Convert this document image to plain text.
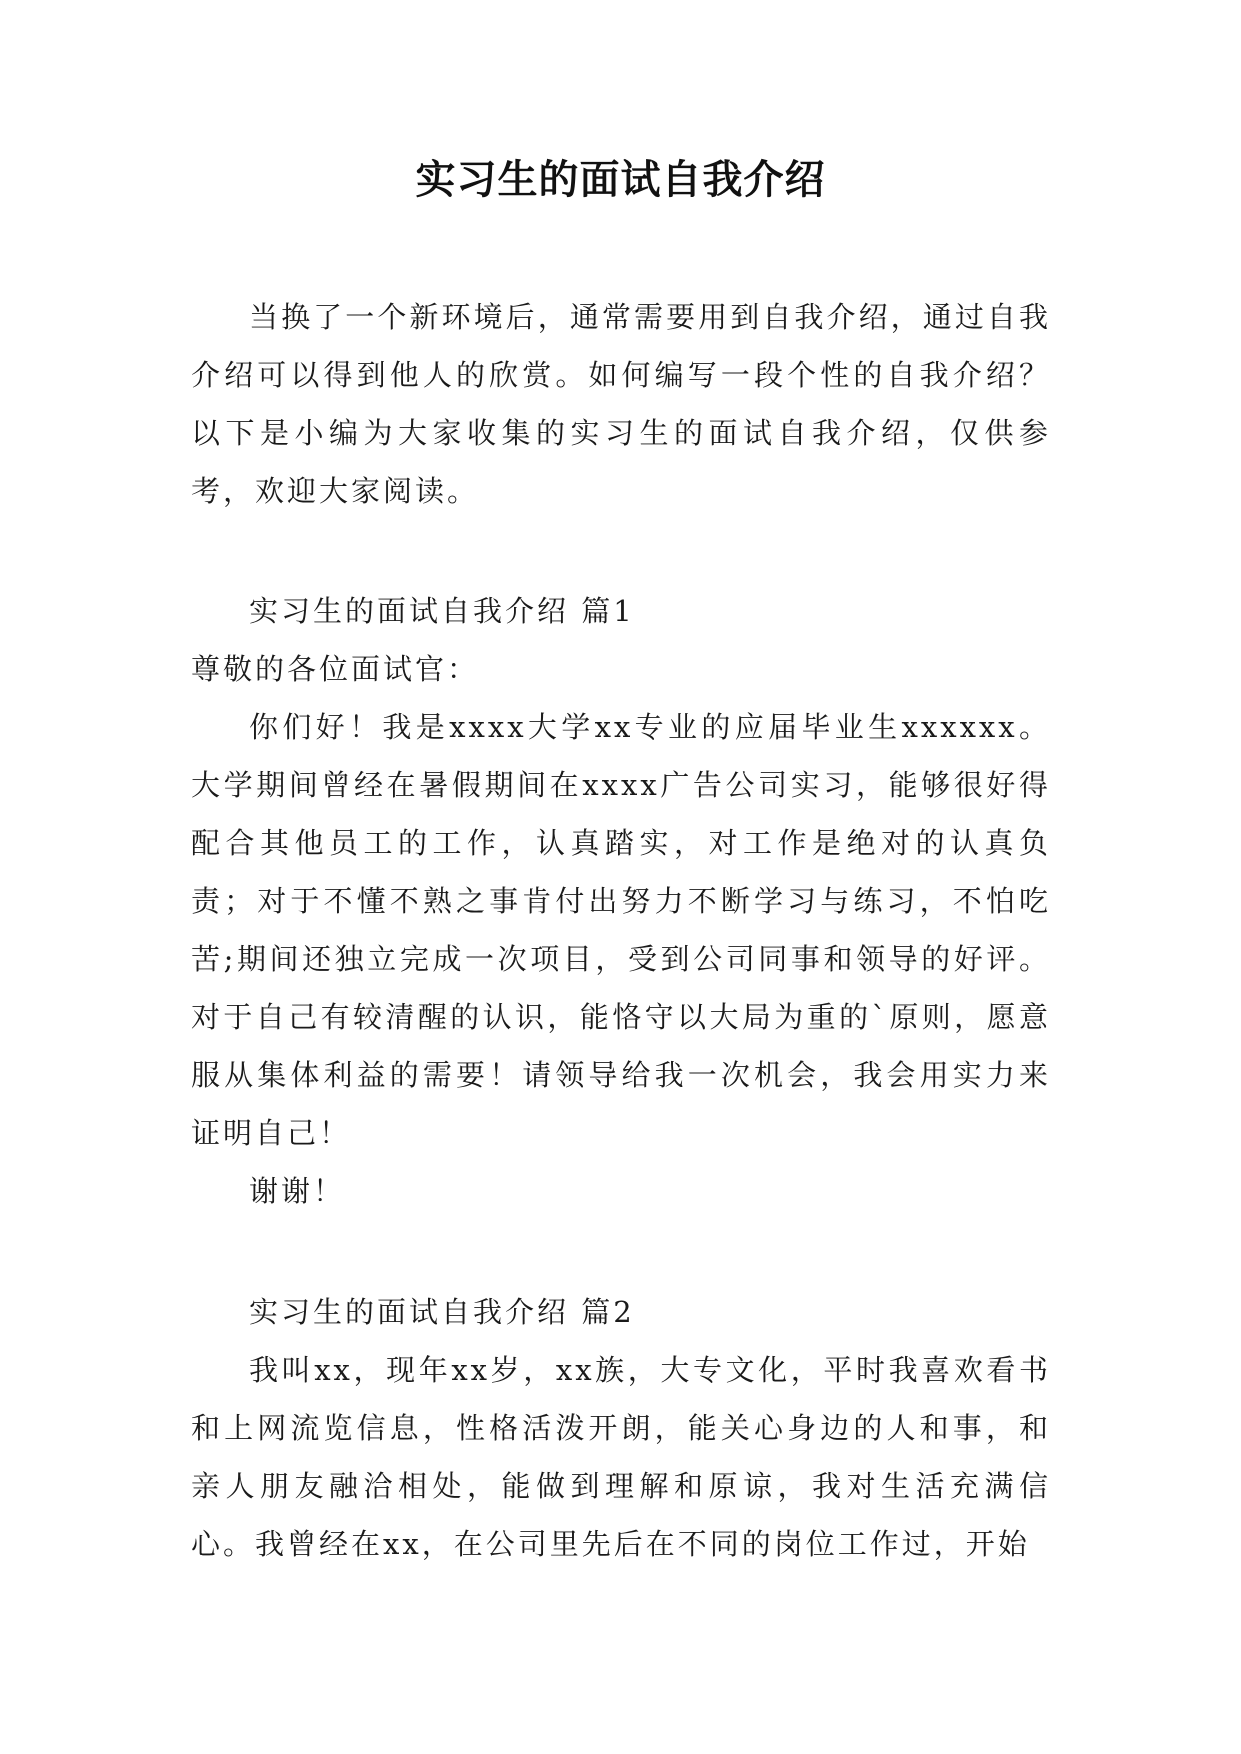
实习生的面试自我介绍

当换了一个新环境后，通常需要用到自我介绍，通过自我介绍可以得到他人的欣赏。如何编写一段个性的自我介绍？以下是小编为大家收集的实习生的面试自我介绍，仅供参考，欢迎大家阅读。

实习生的面试自我介绍 篇1

尊敬的各位面试官：

你们好！我是xxxx大学xx专业的应届毕业生xxxxxx。大学期间曾经在暑假期间在xxxx广告公司实习，能够很好得配合其他员工的工作，认真踏实，对工作是绝对的认真负责；对于不懂不熟之事肯付出努力不断学习与练习，不怕吃苦;期间还独立完成一次项目，受到公司同事和领导的好评。对于自己有较清醒的认识，能恪守以大局为重的`原则，愿意服从集体利益的需要！请领导给我一次机会，我会用实力来证明自己！

谢谢！

实习生的面试自我介绍 篇2

我叫xx，现年xx岁，xx族，大专文化，平时我喜欢看书和上网流览信息，性格活泼开朗，能关心身边的人和事，和亲人朋友融洽相处，能做到理解和原谅，我对生活充满信心。我曾经在xx，在公司里先后在不同的岗位工作过，开始
